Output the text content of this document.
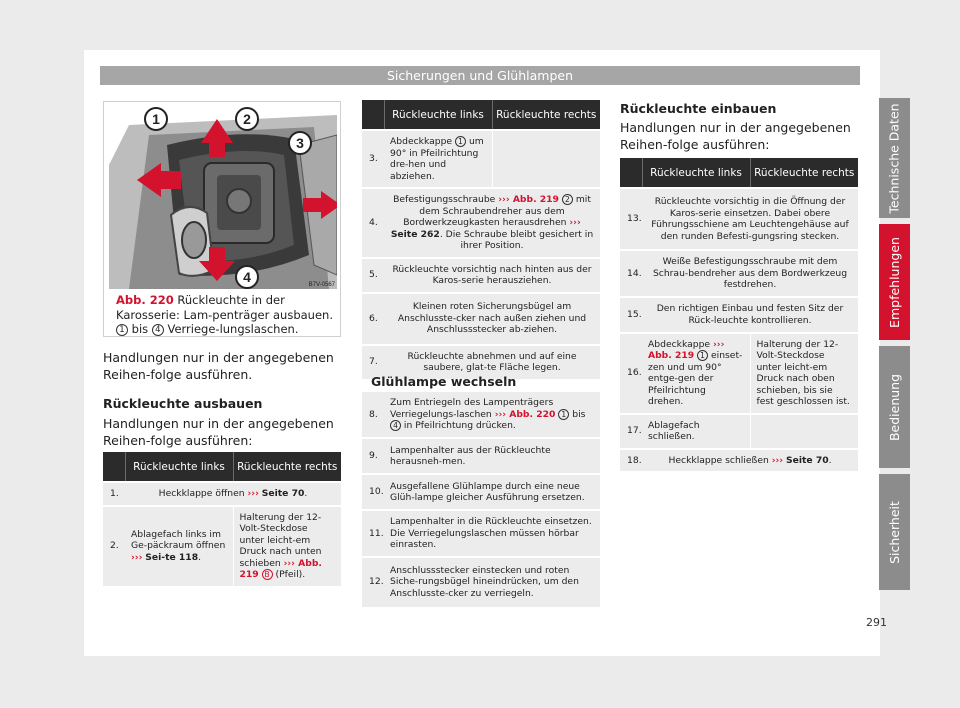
Sicherungen und Glühlampen
1	2
3
4	B7V-0567
Abb. 220 Rückleuchte in der Karosserie: Lam-penträger ausbauen. 1 bis 4 Verriege-lungslaschen.
Handlungen nur in der angegebenen Reihen-folge ausführen.
Rückleuchte ausbauen
Handlungen nur in der angegebenen Reihen-folge ausführen:
	Rückleuchte links	Rückleuchte rechts
1.	Heckklappe öffnen ››› Seite 70.	
2.	Ablagefach links im Ge-päckraum öffnen ››› Sei-te 118.	Halterung der 12-Volt-Steckdose unter leicht-em Druck nach unten schieben ››› Abb. 219 B (Pfeil).
	Rückleuchte links	Rückleuchte rechts
3.	Abdeckkappe 1 um 90° in Pfeilrichtung dre-hen und abziehen.	
4.	Befestigungsschraube ››› Abb. 219 2 mit dem Schraubendreher aus dem Bordwerkzeugkasten herausdrehen ››› Seite 262. Die Schraube bleibt gesichert in ihrer Position.	
5.	Rückleuchte vorsichtig nach hinten aus der Karos-serie herausziehen.	
6.	Kleinen roten Sicherungsbügel am Anschlusste-cker nach außen ziehen und Anschlussstecker ab-ziehen.	
7.	Rückleuchte abnehmen und auf eine saubere, glat-te Fläche legen.	
Glühlampe wechseln
8.	Zum Entriegeln des Lampenträgers Verriegelungs-laschen ››› Abb. 220 1 bis 4 in Pfeilrichtung drücken.
9.	Lampenhalter aus der Rückleuchte herausneh-men.
10.	Ausgefallene Glühlampe durch eine neue Glüh-lampe gleicher Ausführung ersetzen.
11.	Lampenhalter in die Rückleuchte einsetzen. Die Verriegelungslaschen müssen hörbar einrasten.
12.	Anschlussstecker einstecken und roten Siche-rungsbügel hineindrücken, um den Anschlusste-cker zu verriegeln.
Rückleuchte einbauen
Handlungen nur in der angegebenen Reihen-folge ausführen:
	Rückleuchte links	Rückleuchte rechts
13.	Rückleuchte vorsichtig in die Öffnung der Karos-serie einsetzen. Dabei obere Führungsschiene am Leuchtengehäuse auf den runden Befesti-gungsring stecken.	
14.	Weiße Befestigungsschraube mit dem Schrau-bendreher aus dem Bordwerkzeug festdrehen.	
15.	Den richtigen Einbau und festen Sitz der Rück-leuchte kontrollieren.	
16.	Abdeckkappe ››› Abb. 219 1 einset-zen und um 90° entge-gen der Pfeilrichtung drehen.	Halterung der 12-Volt-Steckdose unter leicht-em Druck nach oben schieben, bis sie fest geschlossen ist.
17.	Ablagefach schließen.	
18.	Heckklappe schließen ››› Seite 70.	
Technische Daten
Empfehlungen
Bedienung
Sicherheit
291
